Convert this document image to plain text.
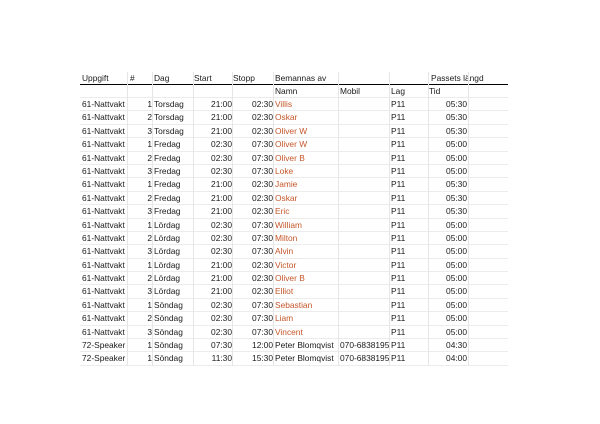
Uppgift	# Dag	Start	Stopp	Bemannas av	Passets längd
Namn	Mobil	Lag	Tid
61-Nattvakt	1 Torsdag	21:00	02:30 Villis	P11	05:30
61-Nattvakt	2 Torsdag	21:00	02:30 Oskar	P11	05:30
61-Nattvakt	3 Torsdag	21:00	02:30 Oliver W	P11	05:30
61-Nattvakt	1 Fredag	02:30	07:30 Oliver W	P11	05:00
61-Nattvakt	2 Fredag	02:30	07:30 Oliver B	P11	05:00
61-Nattvakt	3 Fredag	02:30	07:30 Loke	P11	05:00
61-Nattvakt	1 Fredag	21:00	02:30 Jamie	P11	05:30
61-Nattvakt	2 Fredag	21:00	02:30 Oskar	P11	05:30
61-Nattvakt	3 Fredag	21:00	02:30 Eric	P11	05:30
61-Nattvakt	1 Lördag	02:30	07:30 William	P11	05:00
61-Nattvakt	2 Lördag	02:30	07:30 Milton	P11	05:00
61-Nattvakt	3 Lördag	02:30	07:30 Alvin	P11	05:00
61-Nattvakt	1 Lördag	21:00	02:30 Victor	P11	05:00
61-Nattvakt	2 Lördag	21:00	02:30 Oliver B	P11	05:00
61-Nattvakt	3 Lördag	21:00	02:30 Elliot	P11	05:00
61-Nattvakt	1 Söndag	02:30	07:30 Sebastian	P11	05:00
61-Nattvakt	2 Söndag	02:30	07:30 Liam	P11	05:00
61-Nattvakt	3 Söndag	02:30	07:30 Vincent	P11	05:00
72-Speaker	1 Söndag	07:30	12:00 Peter Blomqvist 070-6838195 P11	04:30
72-Speaker	1 Söndag	11:30	15:30 Peter Blomqvist 070-6838195 P11	04:00
